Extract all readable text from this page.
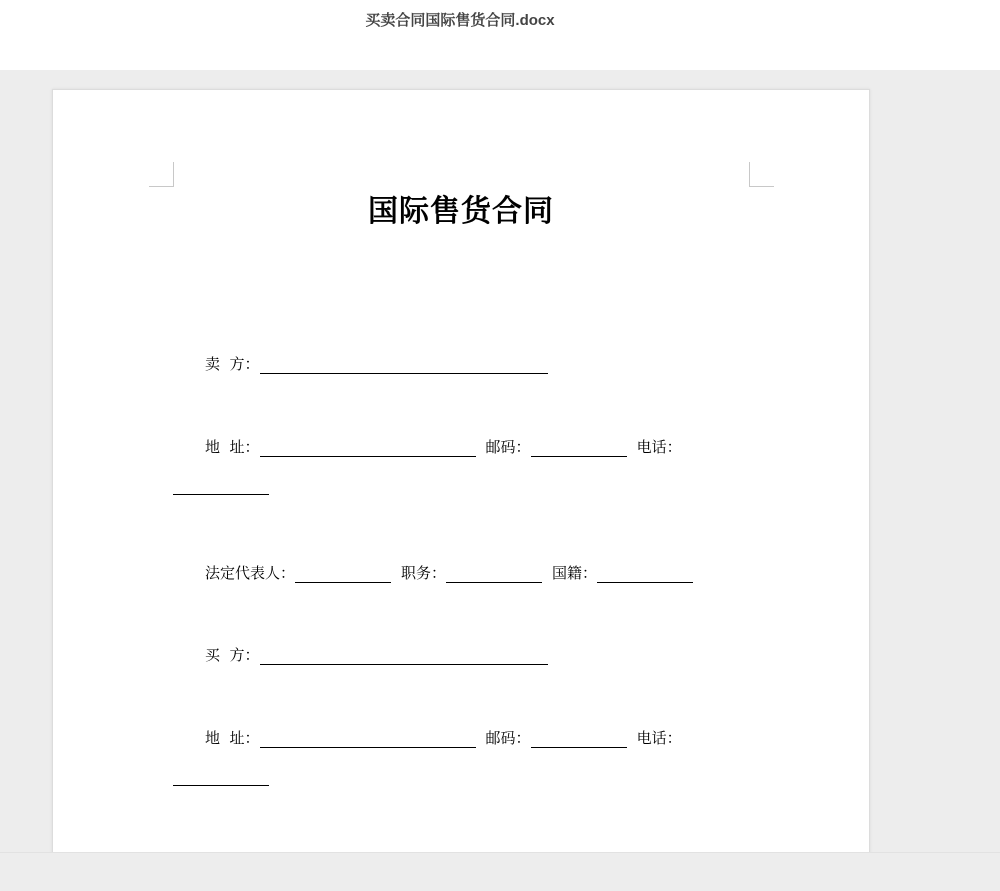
买卖合同国际售货合同.docx
国际售货合同
卖  方：
地  址：	邮码：	电话：
法定代表人：	职务：	国籍：
买  方：
地  址：	邮码：	电话：
